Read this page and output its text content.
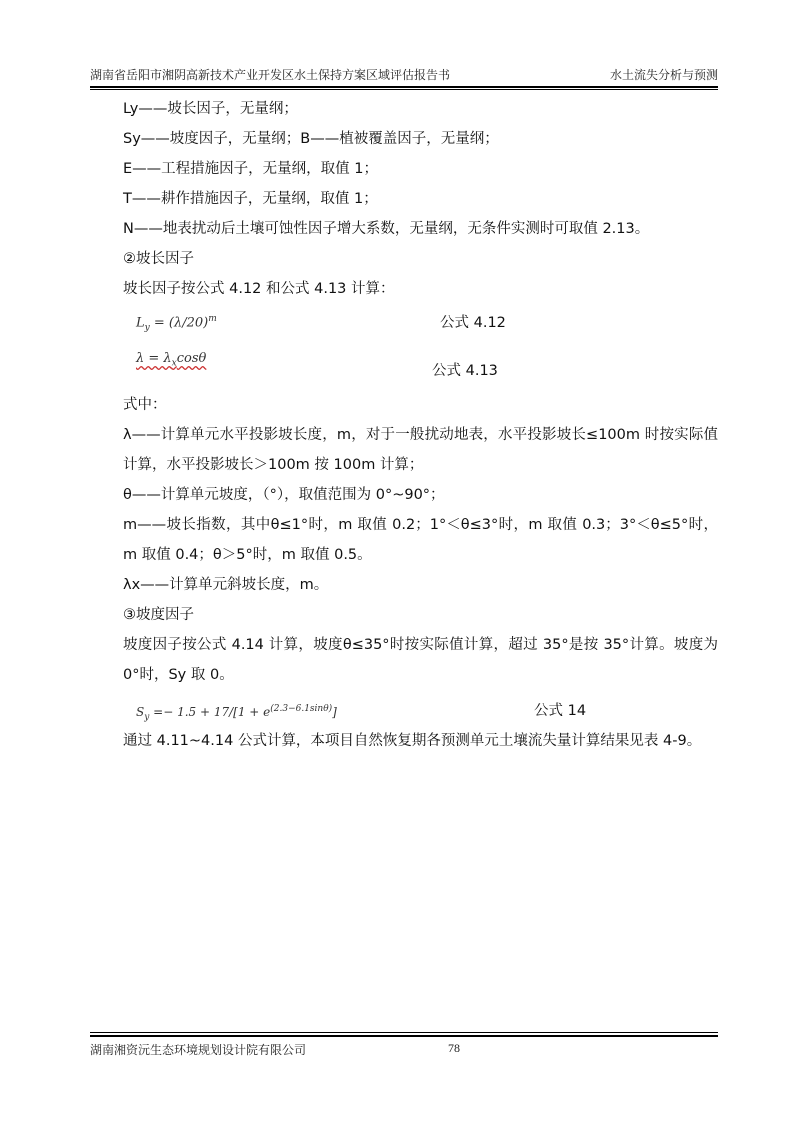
湖南省岳阳市湘阴高新技术产业开发区水土保持方案区域评估报告书	水土流失分析与预测

Ly——坡长因子，无量纲；

Sy——坡度因子，无量纲；B——植被覆盖因子，无量纲；

E——工程措施因子，无量纲，取值 1；

T——耕作措施因子，无量纲，取值 1；

N——地表扰动后土壤可蚀性因子增大系数，无量纲，无条件实测时可取值 2.13。

②坡长因子

坡长因子按公式 4.12 和公式 4.13 计算：

$L_y = (\lambda/20)^m$	公式 4.12
$\lambda = \lambda_x\cos\theta$
公式 4.13

式中：

λ——计算单元水平投影坡长度，m，对于一般扰动地表，水平投影坡长≤100m 时按实际值计算，水平投影坡长＞100m 按 100m 计算；

θ——计算单元坡度，（°），取值范围为 0°~90°；

m——坡长指数，其中θ≤1°时，m 取值 0.2；1°＜θ≤3°时，m 取值 0.3；3°＜θ≤5°时，m 取值 0.4；θ＞5°时，m 取值 0.5。

λx——计算单元斜坡长度，m。

③坡度因子

坡度因子按公式 4.14 计算，坡度θ≤35°时按实际值计算，超过 35°是按 35°计算。坡度为 0°时，Sy 取 0。

$S_y =- 1.5 + 17/[1 + e^{(2.3-6.1sin\theta)}]$	公式 14

通过 4.11~4.14 公式计算，本项目自然恢复期各预测单元土壤流失量计算结果见表 4-9。

湖南湘资沅生态环境规划设计院有限公司	78
